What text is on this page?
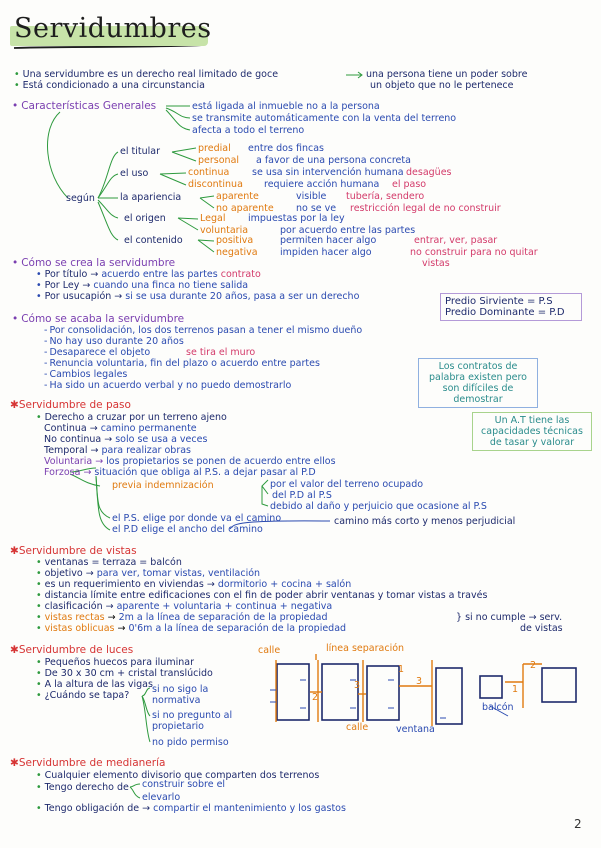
Servidumbres
• Una servidumbre es un derecho real limitado de goce	una persona tiene un poder sobre
• Está condicionado a una circunstancia	un objeto que no le pertenece
• Características Generales	está ligada al inmueble no a la persona
se transmite automáticamente con la venta del terreno
afecta a todo el terreno
según
el titular	predial entre dos fincas
personal a favor de una persona concreta
el uso	continua se usa sin intervención humana desagües
discontinua requiere acción humana el paso
la apariencia	aparente	visible tubería, sendero
no aparente no se ve restricción legal de no construir
el origen	Legal impuestas por la ley
voluntaria	por acuerdo entre las partes
el contenido	positiva	permiten hacer algo	entrar, ver, pasar
negativa impiden hacer algo	no construir para no quitar
vistas
• Cómo se crea la servidumbre
• Por título → acuerdo entre las partes contrato
• Por Ley → cuando una finca no tiene salida
• Por usucapión → si se usa durante 20 años, pasa a ser un derecho	Predio Sirviente = P.S
Predio Dominante = P.D
• Cómo se acaba la servidumbre
- Por consolidación, los dos terrenos pasan a tener el mismo dueño
- No hay uso durante 20 años
- Desaparece el objeto	se tira el muro
- Renuncia voluntaria, fin del plazo o acuerdo entre partes
- Cambios legales
- Ha sido un acuerdo verbal y no puedo demostrarlo
Los contratos de palabra existen pero son difíciles de demostrar
✱Servidumbre de paso
• Derecho a cruzar por un terreno ajeno
Continua → camino permanente
No continua → solo se usa a veces
Temporal → para realizar obras
Voluntaria → los propietarios se ponen de acuerdo entre ellos
Forzosa → situación que obliga al P.S. a dejar pasar al P.D
previa indemnización	por el valor del terreno ocupado
del P.D al P.S
debido al daño y perjuicio que ocasione al P.S
el P.S. elige por donde va el camino
el P.D elige el ancho del camino
camino más corto y menos perjudicial
Un A.T tiene las capacidades técnicas de tasar y valorar
✱Servidumbre de vistas
• ventanas = terraza = balcón
• objetivo → para ver, tomar vistas, ventilación
• es un requerimiento en viviendas → dormitorio + cocina + salón
• distancia límite entre edificaciones con el fin de poder abrir ventanas y tomar vistas a través
• clasificación → aparente + voluntaria + continua + negativa
• vistas rectas → 2m a la línea de separación de la propiedad
• vistas oblicuas → 0'6m a la línea de separación de la propiedad
} si no cumple → serv.
de vistas
✱Servidumbre de luces
• Pequeños huecos para iluminar
• De 30 x 30 cm + cristal translúcido
• A la altura de las vigas
• ¿Cuándo se tapa?
si no sigo la normativa
si no pregunto al propietario
no pido permiso
calle	línea separación
3
2
1
3
1
2
calle	ventana
balcón
✱Servidumbre de medianería
• Cualquier elemento divisorio que comparten dos terrenos
• Tengo derecho de construir sobre el
elevarlo
• Tengo obligación de → compartir el mantenimiento y los gastos
2
